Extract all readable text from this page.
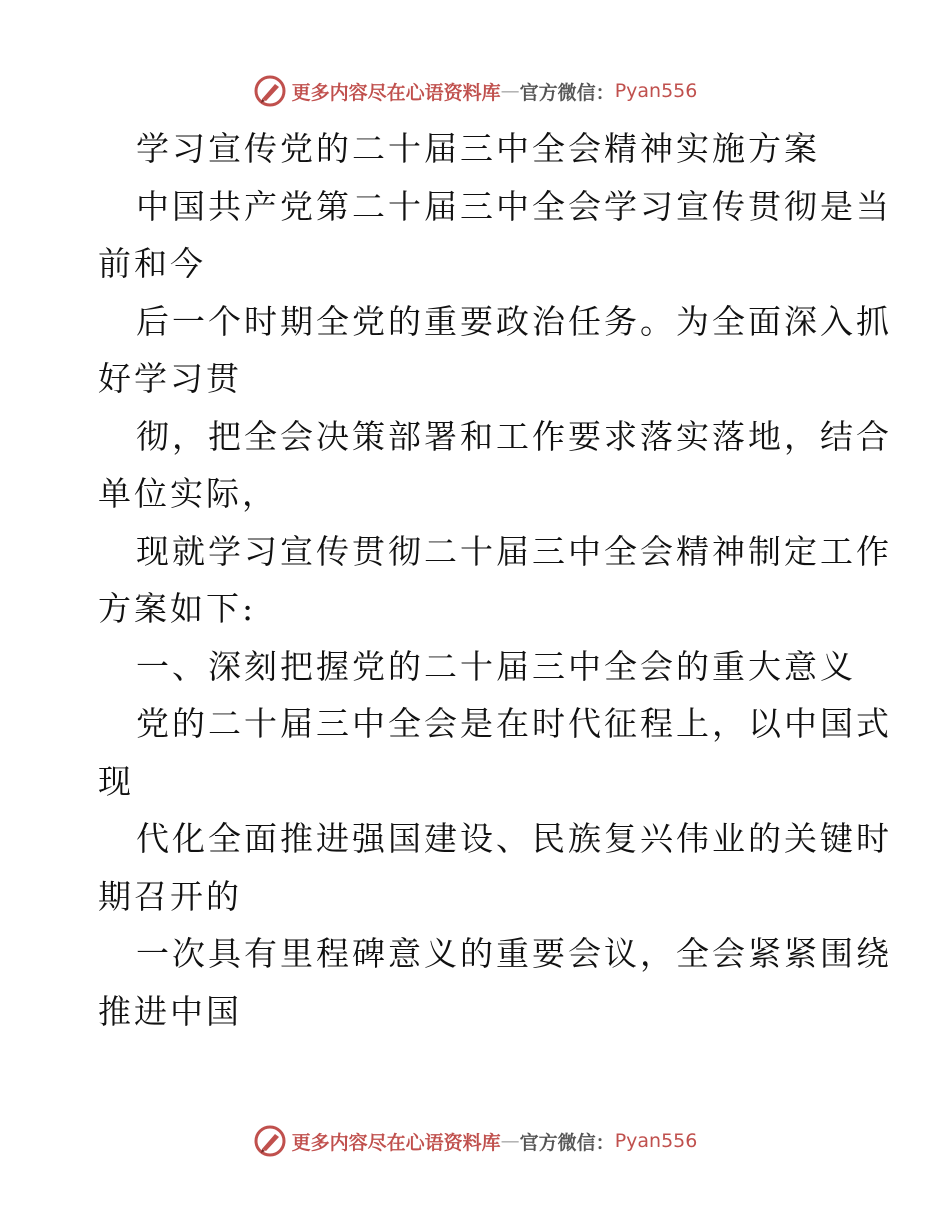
更多内容尽在心语资料库 — 官方微信： Pyan556
学习宣传党的二十届三中全会精神实施方案
中国共产党第二十届三中全会学习宣传贯彻是当
前和今
后一个时期全党的重要政治任务。为全面深入抓
好学习贯
彻，把全会决策部署和工作要求落实落地，结合
单位实际，
现就学习宣传贯彻二十届三中全会精神制定工作
方案如下:
一、深刻把握党的二十届三中全会的重大意义
党的二十届三中全会是在时代征程上，以中国式
现
代化全面推进强国建设、民族复兴伟业的关键时
期召开的
一次具有里程碑意义的重要会议，全会紧紧围绕
推进中国
更多内容尽在心语资料库 — 官方微信： Pyan556
